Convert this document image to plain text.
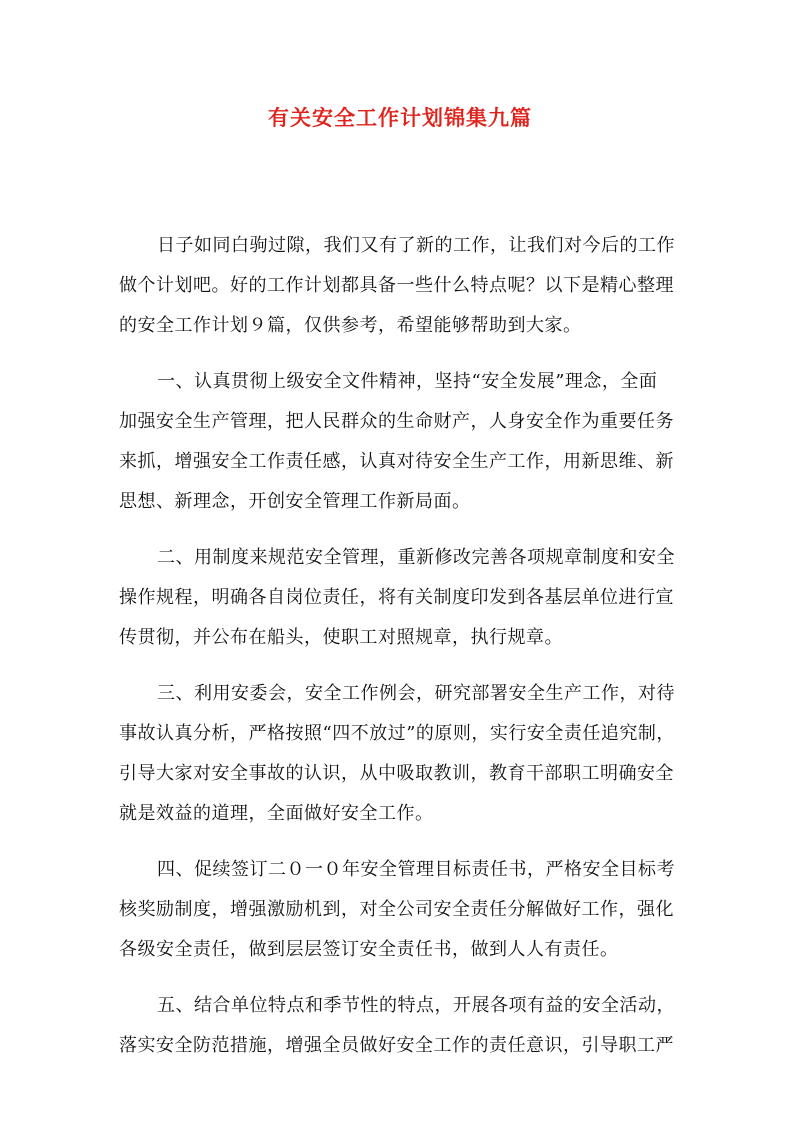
有关安全工作计划锦集九篇
日子如同白驹过隙，我们又有了新的工作，让我们对今后的工作
做个计划吧。好的工作计划都具备一些什么特点呢？以下是精心整理
的安全工作计划９篇，仅供参考，希望能够帮助到大家。
一、认真贯彻上级安全文件精神，坚持“安全发展”理念，全面
加强安全生产管理，把人民群众的生命财产，人身安全作为重要任务
来抓，增强安全工作责任感，认真对待安全生产工作，用新思维、新
思想、新理念，开创安全管理工作新局面。
二、用制度来规范安全管理，重新修改完善各项规章制度和安全
操作规程，明确各自岗位责任，将有关制度印发到各基层单位进行宣
传贯彻，并公布在船头，使职工对照规章，执行规章。
三、利用安委会，安全工作例会，研究部署安全生产工作，对待
事故认真分析，严格按照“四不放过”的原则，实行安全责任追究制，
引导大家对安全事故的认识，从中吸取教训，教育干部职工明确安全
就是效益的道理，全面做好安全工作。
四、促续签订二０一０年安全管理目标责任书，严格安全目标考
核奖励制度，增强激励机到，对全公司安全责任分解做好工作，强化
各级安全责任，做到层层签订安全责任书，做到人人有责任。
五、结合单位特点和季节性的特点，开展各项有益的安全活动，
落实安全防范措施，增强全员做好安全工作的责任意识，引导职工严
